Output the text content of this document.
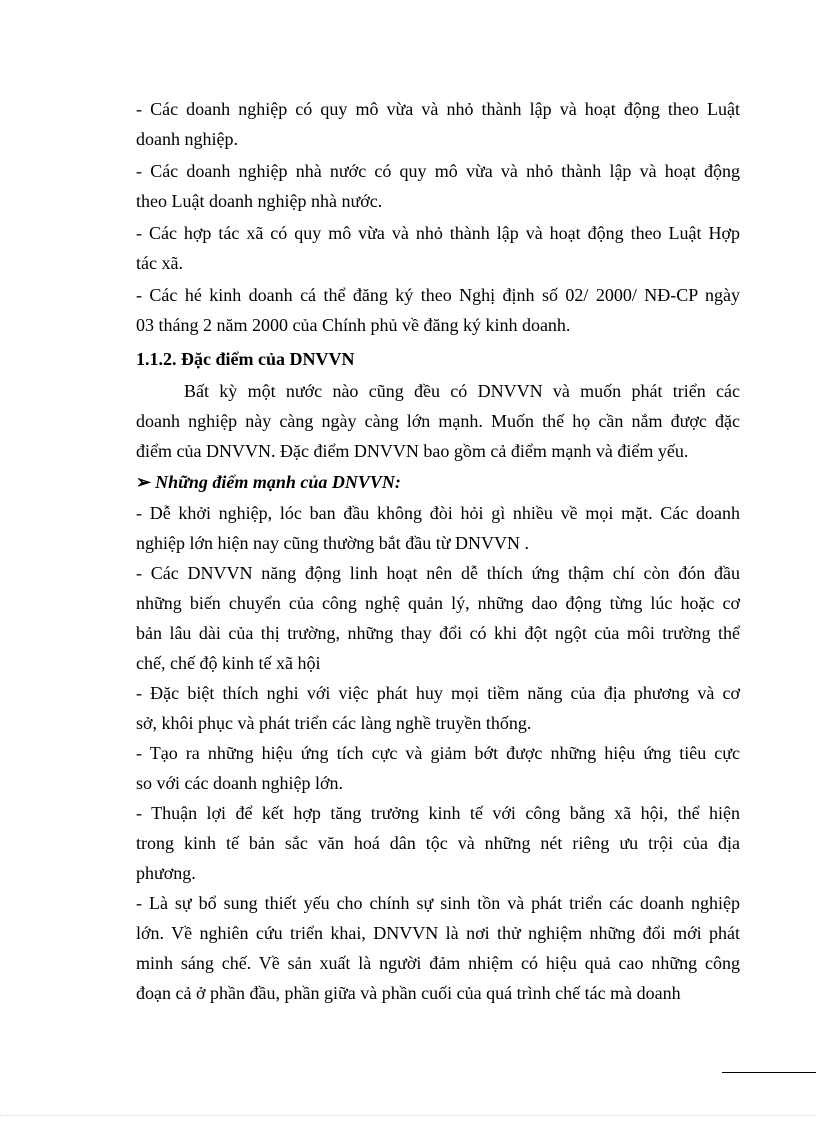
- Các doanh nghiệp có quy mô vừa và nhỏ thành lập và hoạt động theo Luật
doanh nghiệp.
- Các doanh nghiệp nhà nước có quy mô vừa và nhỏ thành lập và hoạt động
theo Luật doanh nghiệp nhà nước.
- Các hợp tác xã có quy mô vừa và nhỏ thành lập và hoạt động theo Luật Hợp
tác xã.
- Các hé kinh doanh cá thể đăng ký theo Nghị định số 02/ 2000/ NĐ-CP ngày
03 tháng 2 năm 2000 của Chính phủ về đăng ký kinh doanh.
1.1.2. Đặc điểm của DNVVN
Bất kỳ một nước nào cũng đều có DNVVN và muốn phát triển các
doanh nghiệp này càng ngày càng lớn mạnh. Muốn thế họ cần nắm được đặc
điểm của DNVVN. Đặc điểm DNVVN bao gồm cả điểm mạnh và điểm yếu.
➢ Những điểm mạnh của DNVVN:
- Dễ khởi nghiệp, lóc ban đầu không đòi hỏi gì nhiều về mọi mặt. Các doanh
nghiệp lớn hiện nay cũng thường bắt đầu từ DNVVN .
- Các DNVVN năng động linh hoạt nên dễ thích ứng thậm chí còn đón đầu
những biến chuyển của công nghệ quản lý, những dao động từng lúc hoặc cơ
bản lâu dài của thị trường, những thay đổi có khi đột ngột của môi trường thể
chế, chế độ kinh tế xã hội
- Đặc biệt thích nghi với việc phát huy mọi tiềm năng của địa phương và cơ
sở, khôi phục và phát triển các làng nghề truyền thống.
- Tạo ra những hiệu ứng tích cực và giảm bớt được những hiệu ứng tiêu cực
so với các doanh nghiệp lớn.
- Thuận lợi để kết hợp tăng trưởng kinh tế với công bằng xã hội, thể hiện
trong kinh tế bản sắc văn hoá dân tộc và những nét riêng ưu trội của địa
phương.
- Là sự bổ sung thiết yếu cho chính sự sinh tồn và phát triển các doanh nghiệp
lớn. Về nghiên cứu triển khai, DNVVN là nơi thử nghiệm những đổi mới phát
minh sáng chế. Về sản xuất là người đảm nhiệm có hiệu quả cao những công
đoạn cả ở phần đầu, phần giữa và phần cuối của quá trình chế tác mà doanh
